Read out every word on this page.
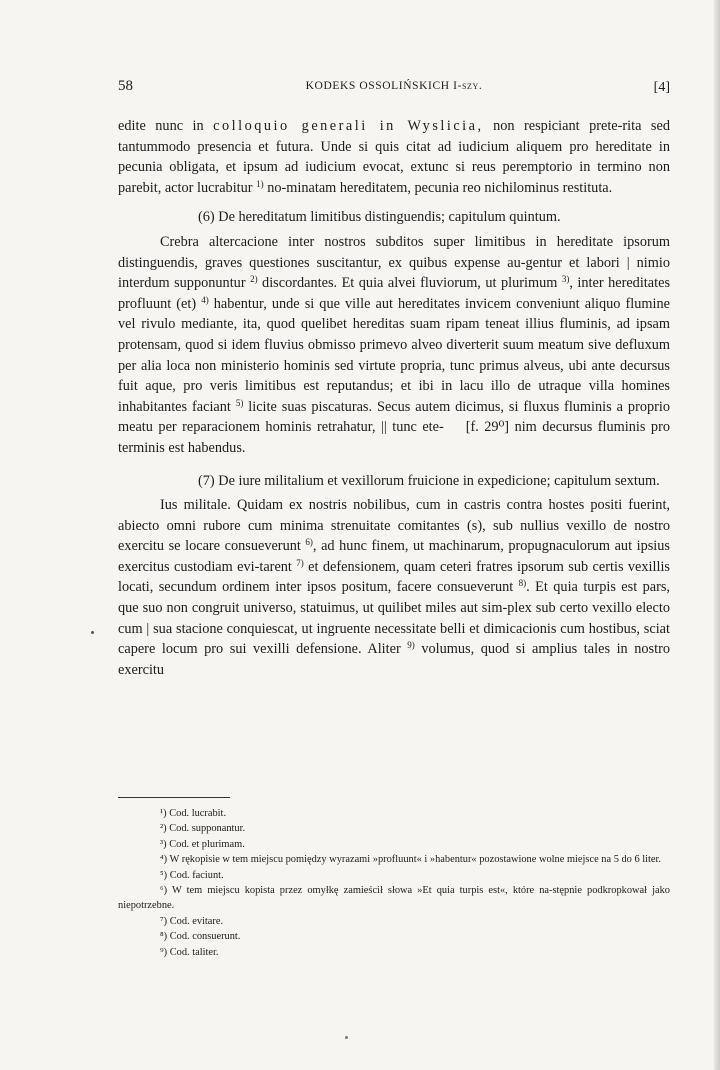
58	KODEKS OSSOLIŃSKICH I-szy.	[4]

edite nunc in colloquio generali in Wyslicia, non respiciant prete-rita sed tantummodo presencia et futura. Unde si quis citat ad iudicium aliquem pro hereditate in pecunia obligata, et ipsum ad iudicium evocat, extunc si reus peremptorio in termino non parebit, actor lucrabitur $^{1)}$ no-minatam hereditatem, pecunia reo nichilominus restituta.

(6) De hereditatum limitibus distinguendis; capitulum quintum.

Crebra altercacione inter nostros subditos super limitibus in hereditate ipsorum distinguendis, graves questiones suscitantur, ex quibus expense au-gentur et labori | nimio interdum supponuntur $^{2)}$ discordantes. Et quia alvei fluviorum, ut plurimum $^{3)}$, inter hereditates profluunt (et) $^{4)}$ habentur, unde si que ville aut hereditates invicem conveniunt aliquo flumine vel rivulo mediante, ita, quod quelibet hereditas suam ripam teneat illius fluminis, ad ipsam protensam, quod si idem fluvius obmisso primevo alveo diverterit suum meatum sive defluxum per alia loca non ministerio hominis sed virtute propria, tunc primus alveus, ubi ante decursus fuit aque, pro veris limitibus est reputandus; et ibi in lacu illo de utraque villa homines inhabitantes faciant $^{5)}$ licite suas piscaturas. Secus autem dicimus, si fluxus fluminis a proprio meatu per reparacionem hominis retrahatur, || tunc ete- [f. 29⁰] nim decursus fluminis pro terminis est habendus.

(7) De iure militalium et vexillorum fruicione in expedicione; capitulum sextum.

Ius militale. Quidam ex nostris nobilibus, cum in castris contra hostes positi fuerint, abiecto omni rubore cum minima strenuitate comitantes (s), sub nullius vexillo de nostro exercitu se locare consueverunt $^{6)}$, ad hunc finem, ut machinarum, propugnaculorum aut ipsius exercitus custodiam evi-tarent $^{7)}$ et defensionem, quam ceteri fratres ipsorum sub certis vexillis locati, secundum ordinem inter ipsos positum, facere consueverunt $^{8)}$. Et quia turpis est pars, que suo non congruit universo, statuimus, ut quilibet miles aut sim-plex sub certo vexillo electo cum | sua stacione conquiescat, ut ingruente necessitate belli et dimicacionis cum hostibus, sciat capere locum pro sui vexilli defensione. Aliter $^{9)}$ volumus, quod si amplius tales in nostro exercitu

¹) Cod. lucrabit.

²) Cod. supponantur.

³) Cod. et plurimam.

⁴) W rękopisie w tem miejscu pomiędzy wyrazami »profluunt« i »habentur« pozostawione wolne miejsce na 5 do 6 liter.

⁵) Cod. faciunt.

⁶) W tem miejscu kopista przez omyłkę zamieścił słowa »Et quia turpis est«, które na-stępnie podkropkował jako niepotrzebne.

⁷) Cod. evitare.

⁸) Cod. consuerunt.

⁹) Cod. taliter.
